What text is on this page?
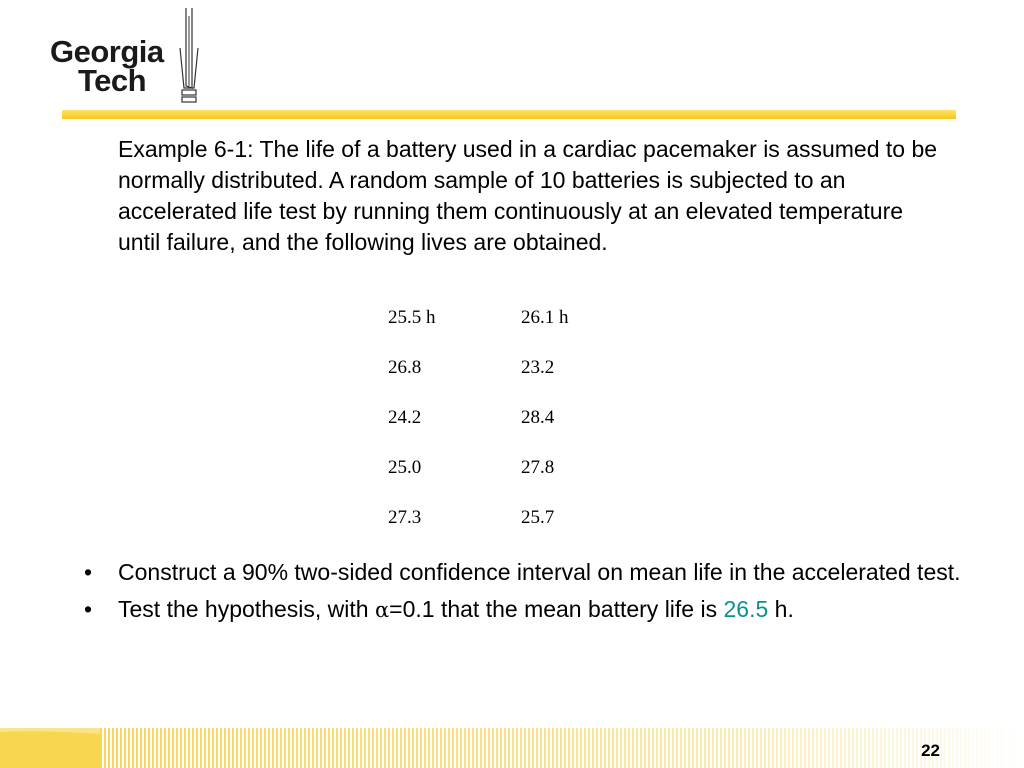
Georgia
Tech

Example 6-1: The life of a battery used in a cardiac pacemaker is assumed to be normally distributed. A random sample of 10 batteries is subjected to an accelerated life test by running them continuously at an elevated temperature until failure, and the following lives are obtained.

25.5 h	26.1 h
26.8	23.2
24.2	28.4
25.0	27.8
27.3	25.7
• Construct a 90% two-sided confidence interval on mean life in the accelerated test.
• Test the hypothesis, with α=0.1 that the mean battery life is 26.5 h.
22
